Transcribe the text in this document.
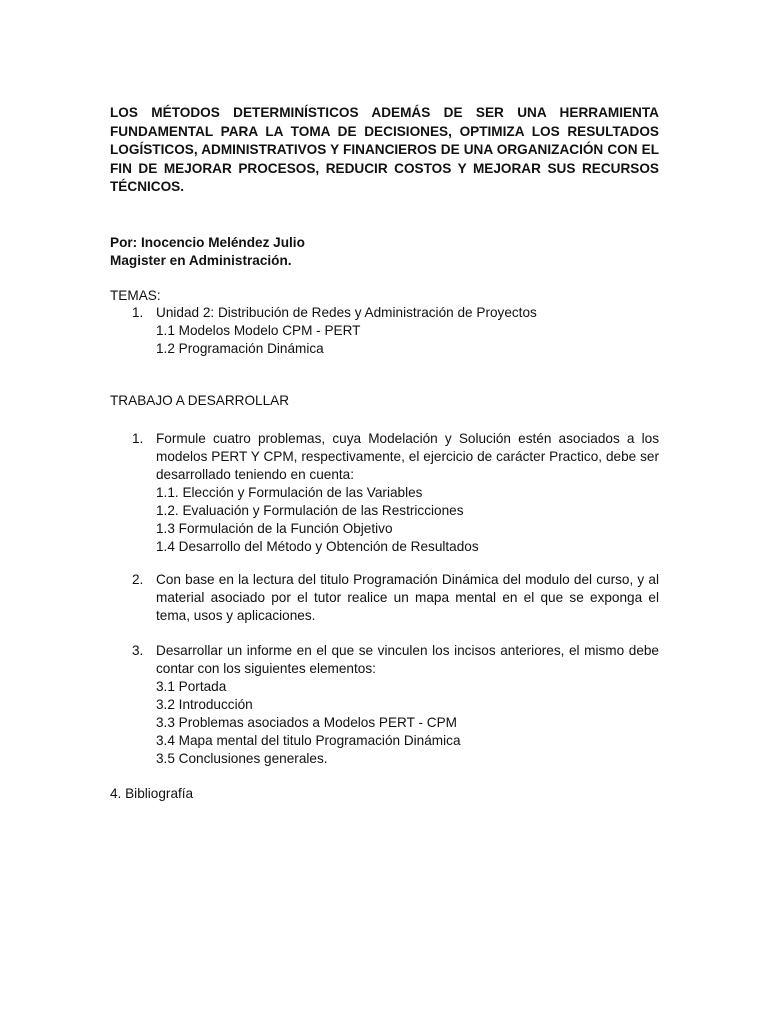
LOS MÉTODOS DETERMINÍSTICOS ADEMÁS DE SER UNA HERRAMIENTA FUNDAMENTAL PARA LA TOMA DE DECISIONES, OPTIMIZA LOS RESULTADOS LOGÍSTICOS, ADMINISTRATIVOS Y FINANCIEROS DE UNA ORGANIZACIÓN CON EL FIN DE MEJORAR PROCESOS, REDUCIR COSTOS Y MEJORAR SUS RECURSOS TÉCNICOS.
Por: Inocencio Meléndez Julio
Magister en Administración.
TEMAS:
1. Unidad 2: Distribución de Redes y Administración de Proyectos
1.1 Modelos Modelo CPM - PERT
1.2 Programación Dinámica
TRABAJO A DESARROLLAR
1. Formule cuatro problemas, cuya Modelación y Solución estén asociados a los modelos PERT Y CPM, respectivamente, el ejercicio de carácter Practico, debe ser desarrollado teniendo en cuenta:
1.1. Elección y Formulación de las Variables
1.2. Evaluación y Formulación de las Restricciones
1.3 Formulación de la Función Objetivo
1.4 Desarrollo del Método y Obtención de Resultados
2. Con base en la lectura del titulo Programación Dinámica del modulo del curso, y al material asociado por el tutor realice un mapa mental en el que se exponga el tema, usos y aplicaciones.
3. Desarrollar un informe en el que se vinculen los incisos anteriores, el mismo debe contar con los siguientes elementos:
3.1 Portada
3.2 Introducción
3.3 Problemas asociados a Modelos PERT - CPM
3.4 Mapa mental del titulo Programación Dinámica
3.5 Conclusiones generales.
4. Bibliografía
